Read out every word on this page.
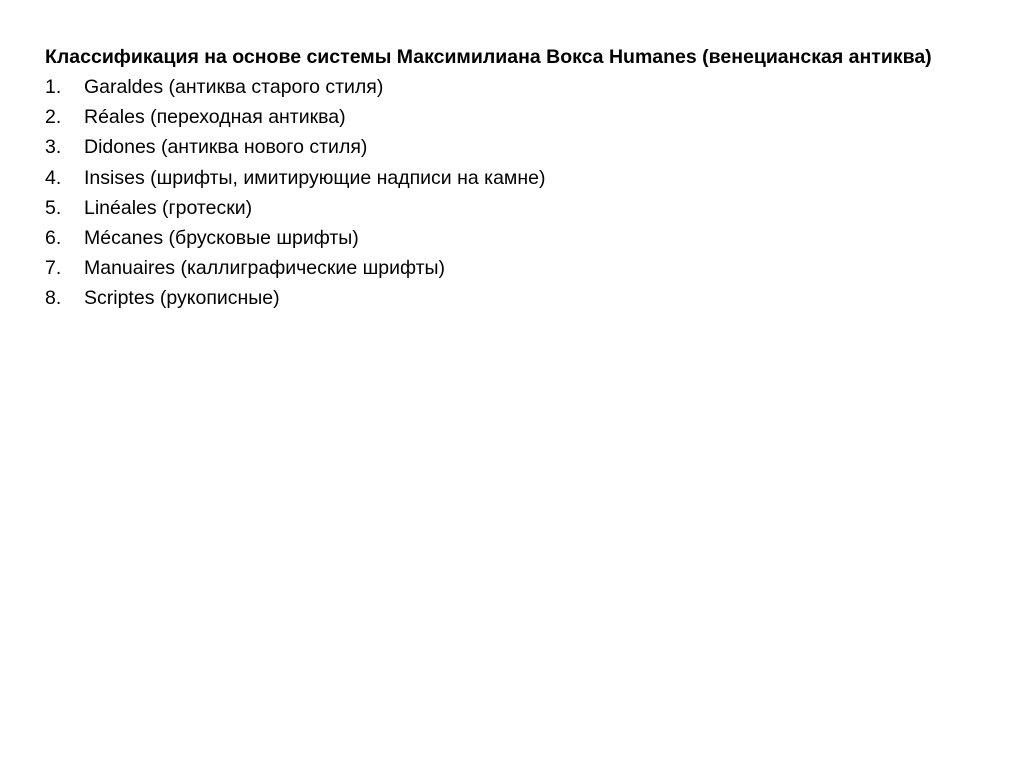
Классификация на основе системы Максимилиана Вокса Humanes (венецианская антиква)

1.	Garaldes (антиква старого стиля)
2.	Réales (переходная антиква)
3.	Didones (антиква нового стиля)
4.	Insises (шрифты, имитирующие надписи на камне)
5.	Linéales (гротески)
6.	Mécanes (брусковые шрифты)
7.	Manuaires (каллиграфические шрифты)
8.	Scriptes (рукописные)
